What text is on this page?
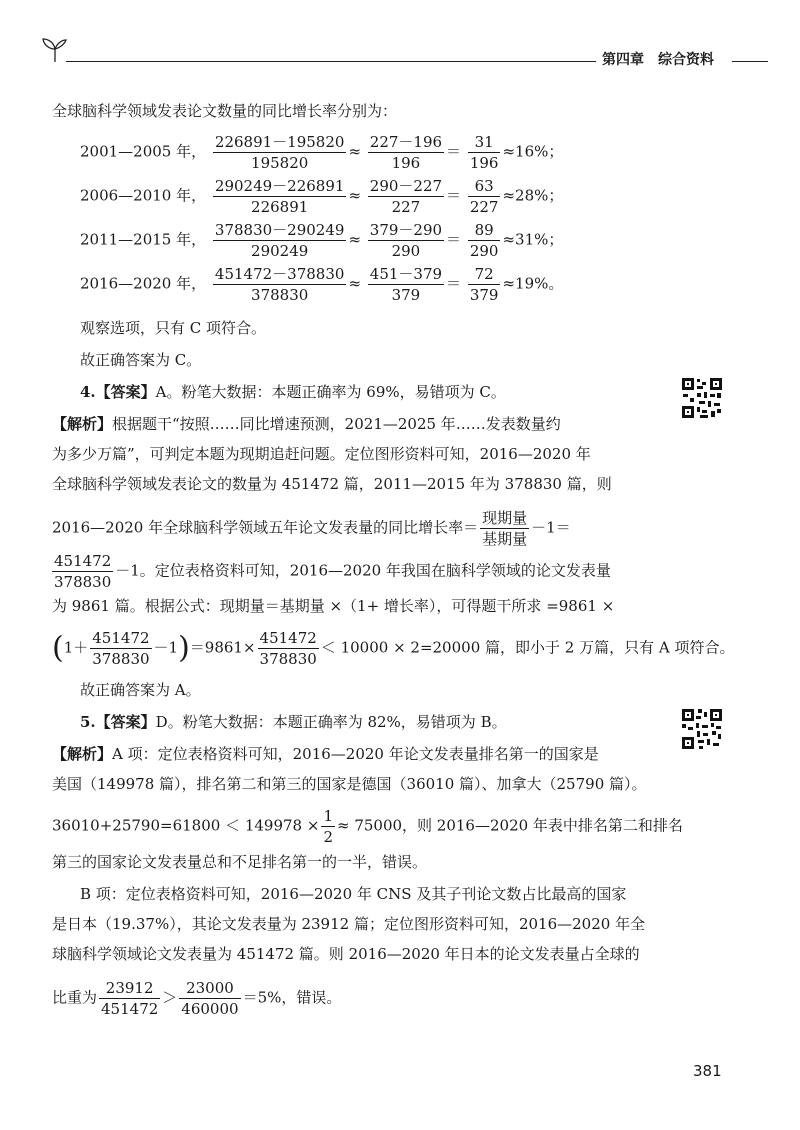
第四章 综合资料
全球脑科学领域发表论文数量的同比增长率分别为：
2001—2005 年， $\frac{226891-195820}{195820} \approx \frac{227-196}{196} = \frac{31}{196} \approx 16\%$；
2006—2010 年， $\frac{290249-226891}{226891} \approx \frac{290-227}{227} = \frac{63}{227} \approx 28\%$；
2011—2015 年， $\frac{378830-290249}{290249} \approx \frac{379-290}{290} = \frac{89}{290} \approx 31\%$；
2016—2020 年， $\frac{451472-378830}{378830} \approx \frac{451-379}{379} = \frac{72}{379} \approx 19\%$。
观察选项，只有 C 项符合。
故正确答案为 C。
4.【答案】A。粉笔大数据：本题正确率为 69%，易错项为 C。
【解析】根据题干“按照……同比增速预测，2021—2025 年……发表数量约
为多少万篇”，可判定本题为现期追赶问题。定位图形资料可知，2016—2020 年
全球脑科学领域发表论文的数量为 451472 篇，2011—2015 年为 378830 篇，则
2016—2020 年全球脑科学领域五年论文发表量的同比增长率＝ $\frac{\text{现期量}}{\text{基期量}} -1=$
$\frac{451472}{378830} -1$。定位表格资料可知，2016—2020 年我国在脑科学领域的论文发表量
为 9861 篇。根据公式：现期量＝基期量 ×（1+ 增长率），可得题干所求 =9861 ×
$(1+ \frac{451472}{378830} -1)=9861\times \frac{451472}{378830} < 10000 \times 2=20000$ 篇，即小于 2 万篇，只有 A 项符合。
故正确答案为 A。
5.【答案】D。粉笔大数据：本题正确率为 82%，易错项为 B。
【解析】A 项：定位表格资料可知，2016—2020 年论文发表量排名第一的国家是
美国（149978 篇），排名第二和第三的国家是德国（36010 篇）、加拿大（25790 篇）。
$36010+25790=61800 < 149978 \times \frac{1}{2} \approx 75000$，则 2016—2020 年表中排名第二和排名
第三的国家论文发表量总和不足排名第一的一半，错误。
B 项：定位表格资料可知，2016—2020 年 CNS 及其子刊论文数占比最高的国家
是日本（19.37%），其论文发表量为 23912 篇；定位图形资料可知，2016—2020 年全
球脑科学领域论文发表量为 451472 篇。则 2016—2020 年日本的论文发表量占全球的
比重为 $\frac{23912}{451472} > \frac{23000}{460000} =5\%$，错误。
381
